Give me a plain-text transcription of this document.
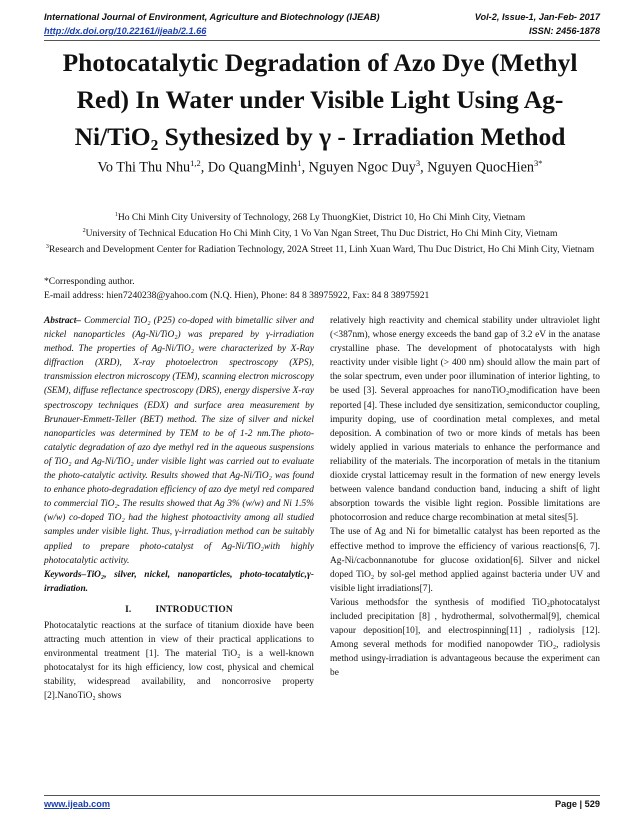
International Journal of Environment, Agriculture and Biotechnology (IJEAB)	Vol-2, Issue-1, Jan-Feb- 2017
http://dx.doi.org/10.22161/ijeab/2.1.66	ISSN: 2456-1878
Photocatalytic Degradation of Azo Dye (Methyl Red) In Water under Visible Light Using Ag-Ni/TiO₂ Sythesized by γ - Irradiation Method
Vo Thi Thu Nhu$^{1,2}$, Do QuangMinh$^1$, Nguyen Ngoc Duy$^3$, Nguyen QuocHien$^{3*}$
$^1$Ho Chi Minh City University of Technology, 268 Ly ThuongKiet, District 10, Ho Chi Minh City, Vietnam
$^2$University of Technical Education Ho Chi Minh City, 1 Vo Van Ngan Street, Thu Duc District, Ho Chi Minh City, Vietnam
$^3$Research and Development Center for Radiation Technology, 202A Street 11, Linh Xuan Ward, Thu Duc District, Ho Chi Minh City, Vietnam
*Corresponding author.
E-mail address: hien7240238@yahoo.com (N.Q. Hien), Phone: 84 8 38975922, Fax: 84 8 38975921

Abstract– Commercial TiO₂ (P25) co-doped with bimetallic silver and nickel nanoparticles (Ag-Ni/TiO₂) was prepared by γ-irradiation method. The properties of Ag-Ni/TiO₂ were characterized by X-Ray diffraction (XRD), X-ray photoelectron spectroscopy (XPS), transmission electron microscopy (TEM), scanning electron microscopy (SEM), diffuse reflectance spectroscopy (DRS), energy dispersive X-ray spectroscopy techniques (EDX) and surface area measurement by Brunauer-Emmett-Teller (BET) method. The size of silver and nickel nanoparticles was determined by TEM to be of 1-2 nm.The photo-catalytic degradation of azo dye methyl red in the aqueous suspensions of TiO₂ and Ag-Ni/TiO₂ under visible light was carried out to evaluate the photo-catalytic activity. Results showed that Ag-Ni/TiO₂ was found to enhance photo-degradation efficiency of azo dye metyl red compared to commercial TiO₂. The results showed that Ag 3% (w/w) and Ni 1.5% (w/w) co-doped TiO₂ had the highest photoactivity among all studied samples under visible light. Thus, γ-irradiation method can be suitably applied to prepare photo-catalyst of Ag-Ni/TiO₂with highly photocatalytic activity.

Keywords–TiO₂, silver, nickel, nanoparticles, photo-tocatalytic,γ-irradiation.

I.	INTRODUCTION

Photocatalytic reactions at the surface of titanium dioxide have been attracting much attention in view of their practical applications to environmental treatment [1]. The material TiO₂ is a well-known photocatalyst for its high efficiency, low cost, physical and chemical stability, widespread availability, and noncorrosive property [2].NanoTiO₂ shows

relatively high reactivity and chemical stability under ultraviolet light (<387nm), whose energy exceeds the band gap of 3.2 eV in the anatase crystalline phase. The development of photocatalysts with high reactivity under visible light (> 400 nm) should allow the main part of the solar spectrum, even under poor illumination of interior lighting, to be used [3]. Several approaches for nanoTiO₂modification have been reported [4]. These included dye sensitization, semiconductor coupling, impurity doping, use of coordination metal complexes, and metal deposition. A combination of two or more kinds of metals has been widely applied in various materials to enhance the performance and reliability of the materials. The incorporation of metals in the titanium dioxide crystal latticemay result in the formation of new energy levels between valence bandand conduction band, inducing a shift of light absorption towards the visible light region. Possible limitations are photocorrosion and reduce charge recombination at metal sites[5].

The use of Ag and Ni for bimetallic catalyst has been reported as the effective method to improve the efficiency of various reactions[6, 7]. Ag-Ni/cacbonnanotube for glucose oxidation[6]. Silver and nickel doped TiO₂ by sol-gel method applied against bacteria under UV and visible light irradiations[7].

Various methodsfor the synthesis of modified TiO₂photocatalyst included precipitation [8] , hydrothermal, solvothermal[9], chemical vapour deposition[10], and electrospinning[11] , radiolysis [12]. Among several methods for modified nanopowder TiO₂, radiolysis method usingγ-irradiation is advantageous because the experiment can be

www.ijeab.com	Page | 529
